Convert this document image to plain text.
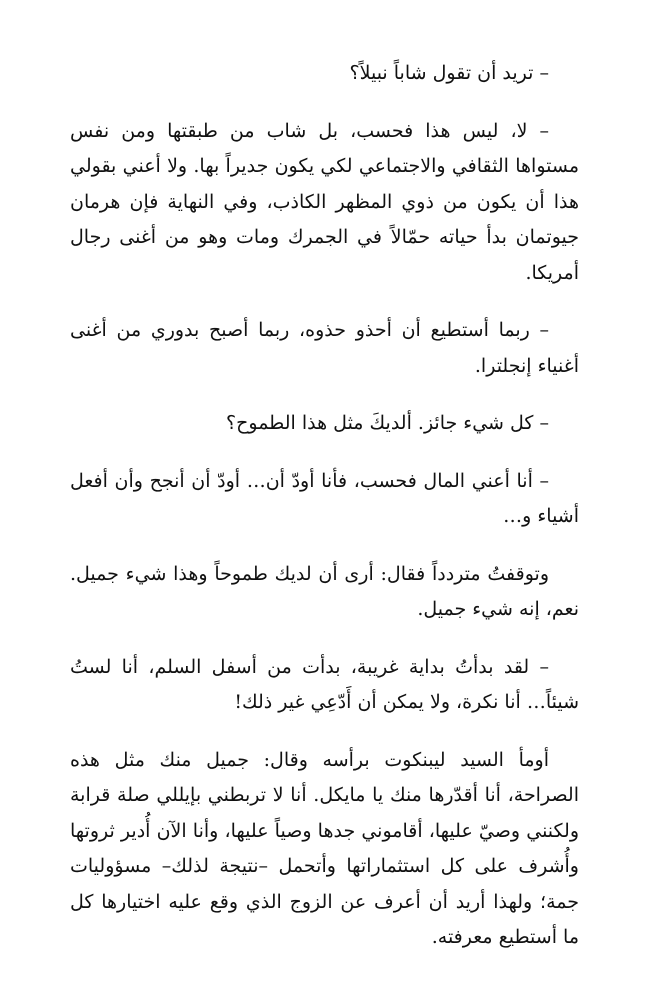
– تريد أن تقول شاباً نبيلاً؟

– لا، ليس هذا فحسب، بل شاب من طبقتها ومن نفس مستواها الثقافي والاجتماعي لكي يكون جديراً بها. ولا أعني بقولي هذا أن يكون من ذوي المظهر الكاذب، وفي النهاية فإن هرمان جيوتمان بدأ حياته حمّالاً في الجمرك ومات وهو من أغنى رجال أمريكا.

– ربما أستطيع أن أحذو حذوه، ربما أصبح بدوري من أغنى أغنياء إنجلترا.

– كل شيء جائز. ألديكَ مثل هذا الطموح؟

– أنا أعني المال فحسب، فأنا أودّ أن… أودّ أن أنجح وأن أفعل أشياء و…

وتوقفتُ متردداً فقال: أرى أن لديك طموحاً وهذا شيء جميل. نعم، إنه شيء جميل.

– لقد بدأتُ بداية غريبة، بدأت من أسفل السلم، أنا لستُ شيئاً… أنا نكرة، ولا يمكن أن أَدّعِي غير ذلك!

أومأ السيد ليبنكوت برأسه وقال: جميل منك مثل هذه الصراحة، أنا أقدّرها منك يا مايكل. أنا لا تربطني بإيللي صلة قرابة ولكنني وصيّ عليها، أقاموني جدها وصياً عليها، وأنا الآن أُدير ثروتها وأُشرف على كل استثماراتها وأتحمل –نتيجة لذلك– مسؤوليات جمة؛ ولهذا أريد أن أعرف عن الزوج الذي وقع عليه اختيارها كل ما أستطيع معرفته.
